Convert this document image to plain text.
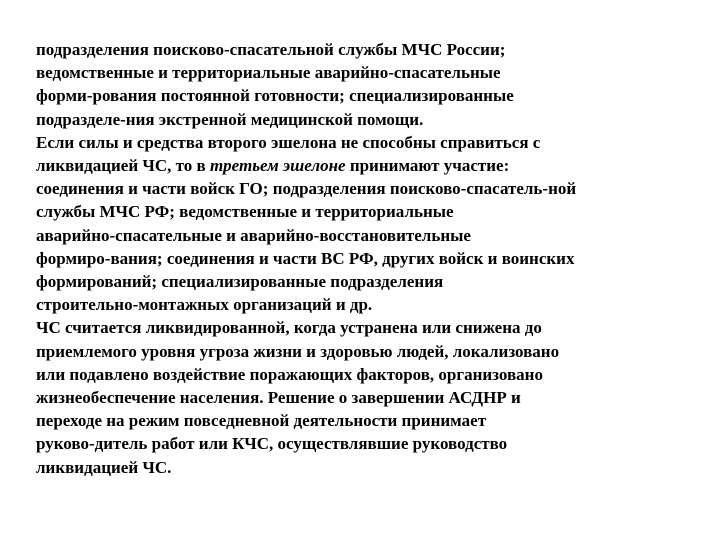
подразделения поисково-спасательной службы МЧС России;
ведомственные и территориальные аварийно-спасательные
форми-рования постоянной готовности; специализированные
подразделе-ния экстренной медицинской помощи.

Если силы и средства второго эшелона не способны справиться с
ликвидацией ЧС, то в третьем эшелоне принимают участие:
соединения и части войск ГО; подразделения поисково-спасатель-ной
службы МЧС РФ; ведомственные и территориальные
аварийно-спасательные и аварийно-восстановительные
формиро-вания; соединения и части ВС РФ, других войск и воинских
формирований; специализированные подразделения
строительно-монтажных организаций и др.

ЧС считается ликвидированной, когда устранена или снижена до
приемлемого уровня угроза жизни и здоровью людей, локализовано
или подавлено воздействие поражающих факторов, организовано
жизнеобеспечение населения. Решение о завершении АСДНР и
переходе на режим повседневной деятельности принимает
руково-дитель работ или КЧС, осуществлявшие руководство
ликвидацией ЧС.
